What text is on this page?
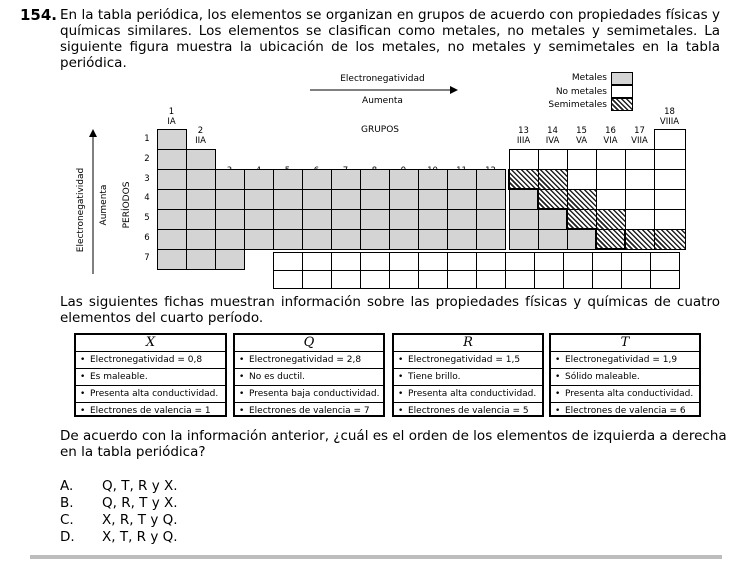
154. En la tabla periódica, los elementos se organizan en grupos de acuerdo con propiedades físicas y químicas similares. Los elementos se clasifican como metales, no metales y semimetales. La siguiente figura muestra la ubicación de los metales, no metales y semimetales en la tabla periódica.
Electronegatividad
Aumenta
GRUPOS
Metales
No metales
Semimetales
Electronegatividad Aumenta PERÍODOS
1
IA
2
IIA
13
IIIA
14
IVA
15
VA
16
VIA
17
VIIA
18
VIIIA
1
2
3
4
5
6
7
Las siguientes fichas muestran información sobre las propiedades físicas y químicas de cuatro elementos del cuarto período.
X
• Electronegatividad = 0,8
• Es maleable.
• Presenta alta conductividad.
• Electrones de valencia = 1
Q
• Electronegatividad = 2,8
• No es ductil.
• Presenta baja conductividad.
• Electrones de valencia = 7
R
• Electronegatividad = 1,5
• Tiene brillo.
• Presenta alta conductividad.
• Electrones de valencia = 5
T
• Electronegatividad = 1,9
• Sólido maleable.
• Presenta alta conductividad.
• Electrones de valencia = 6
De acuerdo con la información anterior, ¿cuál es el orden de los elementos de izquierda a derecha en la tabla periódica?
A. Q, T, R y X.
B. Q, R, T y X.
C. X, R, T y Q.
D. X, T, R y Q.
